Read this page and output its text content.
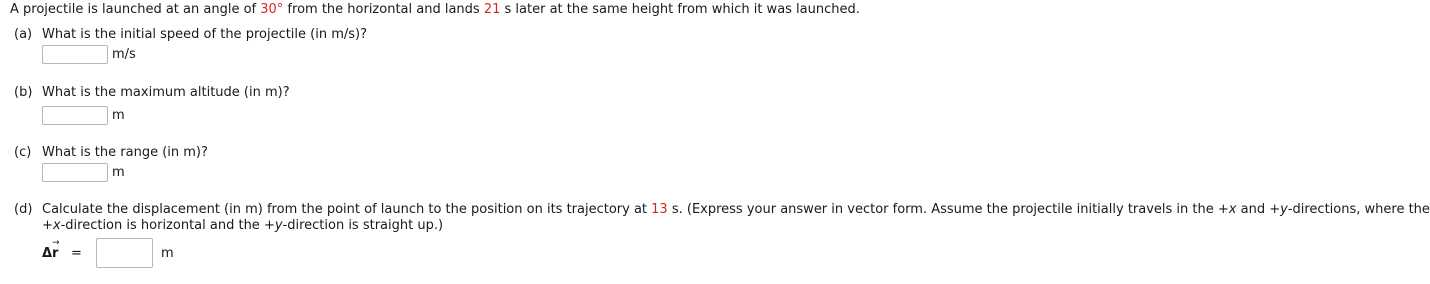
A projectile is launched at an angle of 30° from the horizontal and lands 21 s later at the same height from which it was launched.
(a) What is the initial speed of the projectile (in m/s)?
m/s
(b) What is the maximum altitude (in m)?
m
(c) What is the range (in m)?
m
(d) Calculate the displacement (in m) from the point of launch to the position on its trajectory at 13 s. (Express your answer in vector form. Assume the projectile initially travels in the +x and +y-directions, where the
+x-direction is horizontal and the +y-direction is straight up.)
→
Δr =	m
